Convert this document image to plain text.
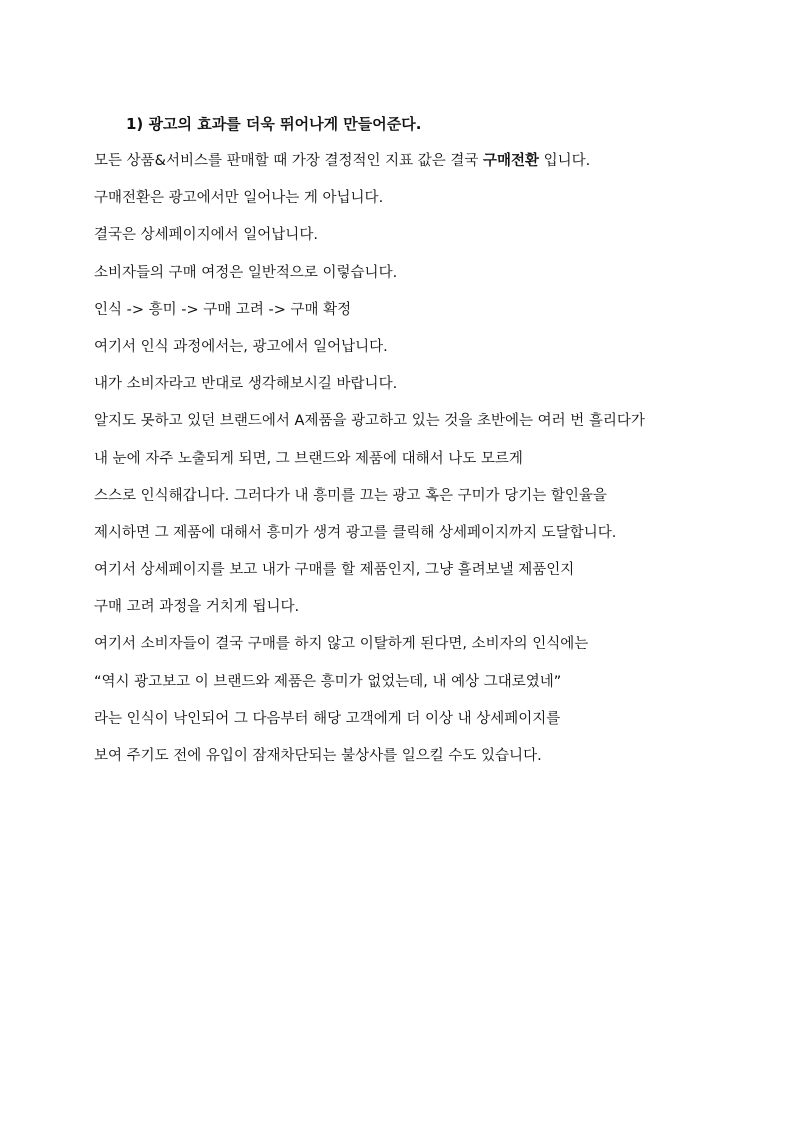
1) 광고의 효과를 더욱 뛰어나게 만들어준다.
모든 상품&서비스를 판매할 때 가장 결정적인 지표 값은 결국 구매전환 입니다.
구매전환은 광고에서만 일어나는 게 아닙니다.
결국은 상세페이지에서 일어납니다.
소비자들의 구매 여정은 일반적으로 이렇습니다.
인식 -> 흥미 -> 구매 고려 -> 구매 확정
여기서 인식 과정에서는, 광고에서 일어납니다.
내가 소비자라고 반대로 생각해보시길 바랍니다.
알지도 못하고 있던 브랜드에서 A제품을 광고하고 있는 것을 초반에는 여러 번 흘리다가
내 눈에 자주 노출되게 되면, 그 브랜드와 제품에 대해서 나도 모르게
스스로 인식해갑니다. 그러다가 내 흥미를 끄는 광고 혹은 구미가 당기는 할인율을
제시하면 그 제품에 대해서 흥미가 생겨 광고를 클릭해 상세페이지까지 도달합니다.
여기서 상세페이지를 보고 내가 구매를 할 제품인지, 그냥 흘려보낼 제품인지
구매 고려 과정을 거치게 됩니다.
여기서 소비자들이 결국 구매를 하지 않고 이탈하게 된다면, 소비자의 인식에는
“역시 광고보고 이 브랜드와 제품은 흥미가 없었는데, 내 예상 그대로였네”
라는 인식이 낙인되어 그 다음부터 해당 고객에게 더 이상 내 상세페이지를
보여 주기도 전에 유입이 잠재차단되는 불상사를 일으킬 수도 있습니다.
